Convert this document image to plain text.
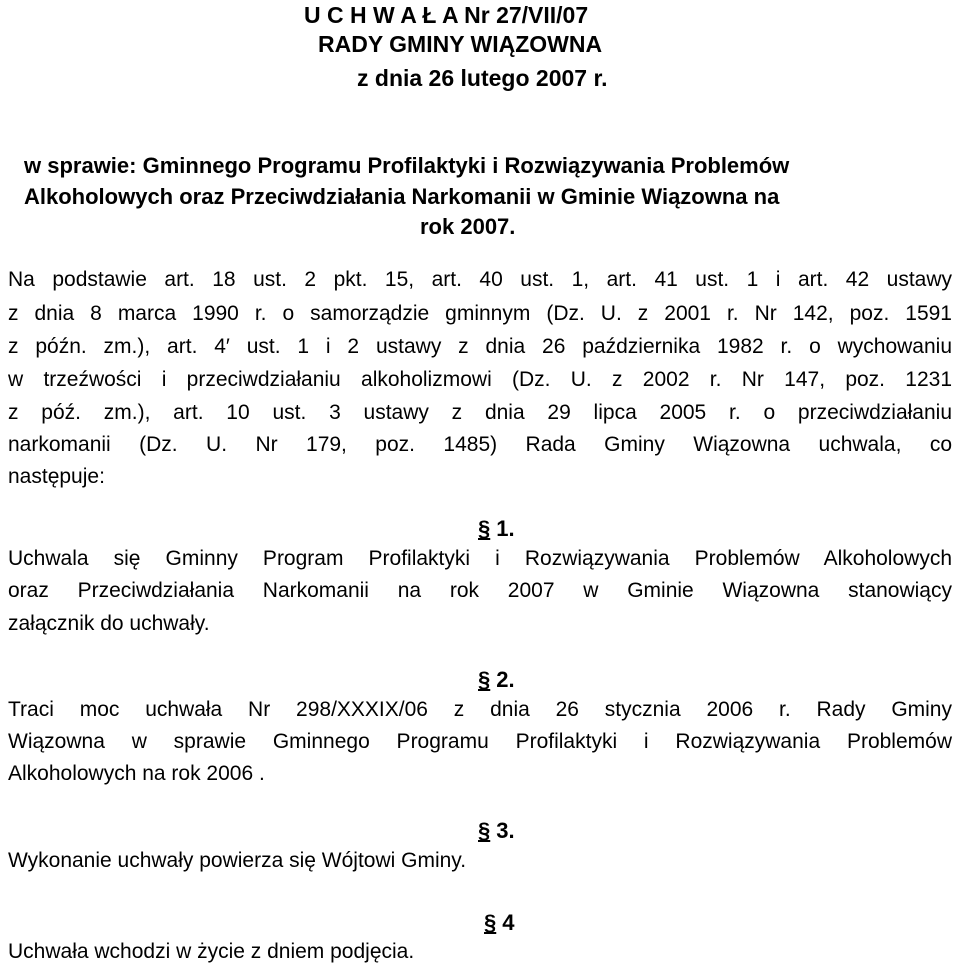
U C H W A Ł A Nr 27/VII/07
RADY GMINY WIĄZOWNA
z dnia 26 lutego 2007 r.
w sprawie: Gminnego Programu Profilaktyki i Rozwiązywania Problemów
Alkoholowych oraz Przeciwdziałania Narkomanii w Gminie Wiązowna na
rok 2007.
Na podstawie art. 18 ust. 2 pkt. 15, art. 40 ust. 1, art. 41 ust. 1 i art. 42 ustawy
z dnia 8 marca 1990 r. o samorządzie gminnym (Dz. U. z 2001 r. Nr 142, poz. 1591
z późn. zm.), art. 4′ ust. 1 i 2 ustawy z dnia 26 października 1982 r. o wychowaniu
w trzeźwości i przeciwdziałaniu alkoholizmowi (Dz. U. z 2002 r. Nr 147, poz. 1231
z póź. zm.), art. 10 ust. 3 ustawy z dnia 29 lipca 2005 r. o przeciwdziałaniu
narkomanii (Dz. U. Nr 179, poz. 1485) Rada Gminy Wiązowna uchwala, co
następuje:
§ 1.
Uchwala się Gminny Program Profilaktyki i Rozwiązywania Problemów Alkoholowych
oraz Przeciwdziałania Narkomanii na rok 2007 w Gminie Wiązowna stanowiący
załącznik do uchwały.
§ 2.
Traci moc uchwała Nr 298/XXXIX/06 z dnia 26 stycznia 2006 r. Rady Gminy
Wiązowna w sprawie Gminnego Programu Profilaktyki i Rozwiązywania Problemów
Alkoholowych na rok 2006 .
§ 3.
Wykonanie uchwały powierza się Wójtowi Gminy.
§ 4
Uchwała wchodzi w życie z dniem podjęcia.
